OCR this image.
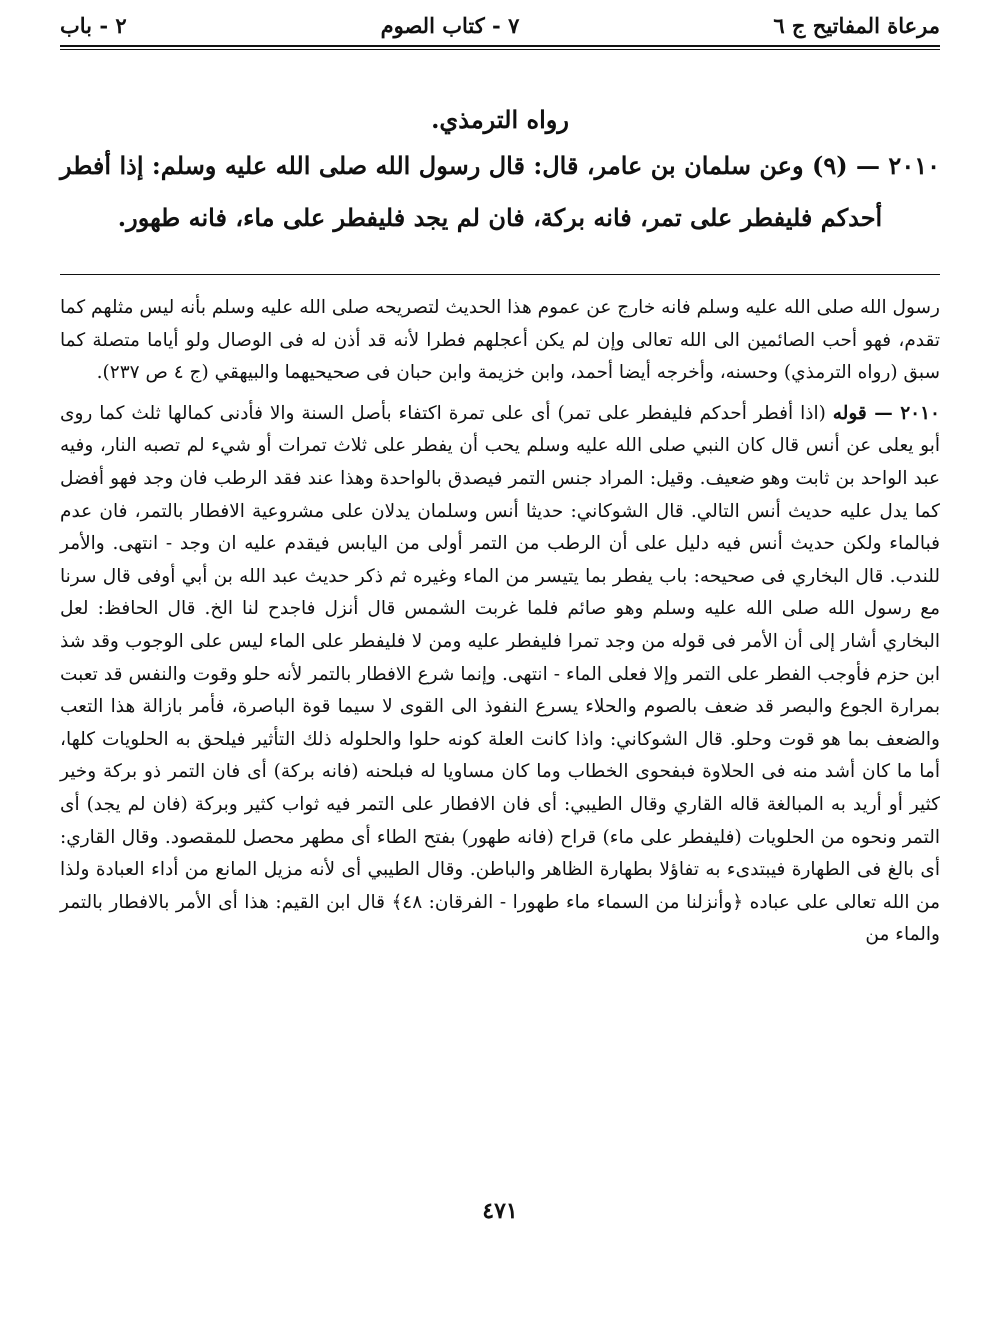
مرعاة المفاتيح ج ٦
٧ - كتاب الصوم
٢ - باب
رواه الترمذي.

٢٠١٠ — (٩) وعن سلمان بن عامر، قال: قال رسول الله صلى الله عليه وسلم: إذا أفطر أحدكم فليفطر على تمر، فانه بركة، فان لم يجد فليفطر على ماء، فانه طهور.

رسول الله صلى الله عليه وسلم فانه خارج عن عموم هذا الحديث لتصريحه صلى الله عليه وسلم بأنه ليس مثلهم كما تقدم، فهو أحب الصائمين الى الله تعالى وإن لم يكن أعجلهم فطرا لأنه قد أذن له فى الوصال ولو أياما متصلة كما سبق (رواه الترمذي) وحسنه، وأخرجه أيضا أحمد، وابن خزيمة وابن حبان فى صحيحيهما والبيهقي (ج ٤ ص ٢٣٧).

٢٠١٠ — قوله (اذا أفطر أحدكم فليفطر على تمر) أى على تمرة اكتفاء بأصل السنة والا فأدنى كمالها ثلث كما روى أبو يعلى عن أنس قال كان النبي صلى الله عليه وسلم يحب أن يفطر على ثلاث تمرات أو شيء لم تصبه النار، وفيه عبد الواحد بن ثابت وهو ضعيف. وقيل: المراد جنس التمر فيصدق بالواحدة وهذا عند فقد الرطب فان وجد فهو أفضل كما يدل عليه حديث أنس التالي. قال الشوكاني: حديثا أنس وسلمان يدلان على مشروعية الافطار بالتمر، فان عدم فبالماء ولكن حديث أنس فيه دليل على أن الرطب من التمر أولى من اليابس فيقدم عليه ان وجد - انتهى. والأمر للندب. قال البخاري فى صحيحه: باب يفطر بما يتيسر من الماء وغيره ثم ذكر حديث عبد الله بن أبي أوفى قال سرنا مع رسول الله صلى الله عليه وسلم وهو صائم فلما غربت الشمس قال أنزل فاجدح لنا الخ. قال الحافظ: لعل البخاري أشار إلى أن الأمر فى قوله من وجد تمرا فليفطر عليه ومن لا فليفطر على الماء ليس على الوجوب وقد شذ ابن حزم فأوجب الفطر على التمر وإلا فعلى الماء - انتهى. وإنما شرع الافطار بالتمر لأنه حلو وقوت والنفس قد تعبت بمرارة الجوع والبصر قد ضعف بالصوم والحلاء يسرع النفوذ الى القوى لا سيما قوة الباصرة، فأمر بازالة هذا التعب والضعف بما هو قوت وحلو. قال الشوكاني: واذا كانت العلة كونه حلوا والحلوله ذلك التأثير فيلحق به الحلويات كلها، أما ما كان أشد منه فى الحلاوة فبفحوى الخطاب وما كان مساويا له فبلحنه (فانه بركة) أى فان التمر ذو بركة وخير كثير أو أريد به المبالغة قاله القاري وقال الطيبي: أى فان الافطار على التمر فيه ثواب كثير وبركة (فان لم يجد) أى التمر ونحوه من الحلويات (فليفطر على ماء) قراح (فانه طهور) بفتح الطاء أى مطهر محصل للمقصود. وقال القاري: أى بالغ فى الطهارة فيبتدىء به تفاؤلا بطهارة الظاهر والباطن. وقال الطيبي أى لأنه مزيل المانع من أداء العبادة ولذا من الله تعالى على عباده ﴿وأنزلنا من السماء ماء طهورا - الفرقان: ٤٨﴾ قال ابن القيم: هذا أى الأمر بالافطار بالتمر والماء من

٤٧١
